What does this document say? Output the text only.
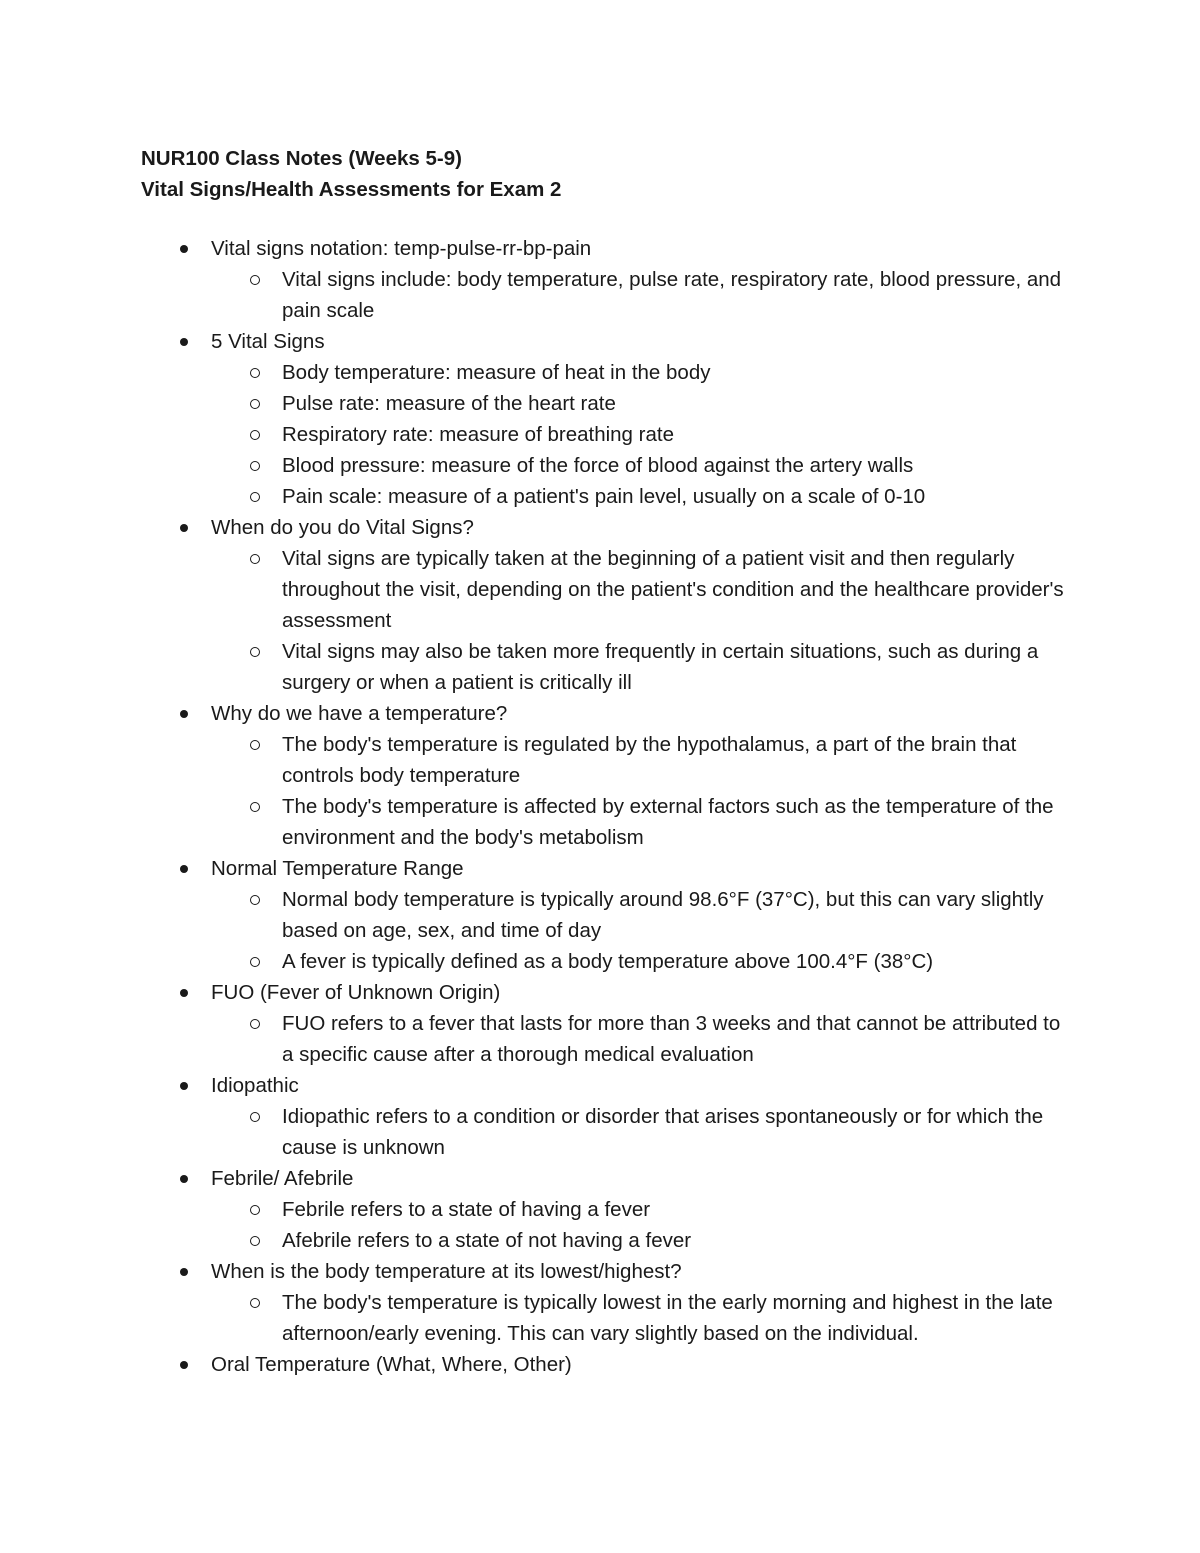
NUR100 Class Notes (Weeks 5-9)
Vital Signs/Health Assessments for Exam 2
Vital signs notation: temp-pulse-rr-bp-pain
Vital signs include: body temperature, pulse rate, respiratory rate, blood pressure, and pain scale
5 Vital Signs
Body temperature: measure of heat in the body
Pulse rate: measure of the heart rate
Respiratory rate: measure of breathing rate
Blood pressure: measure of the force of blood against the artery walls
Pain scale: measure of a patient's pain level, usually on a scale of 0-10
When do you do Vital Signs?
Vital signs are typically taken at the beginning of a patient visit and then regularly throughout the visit, depending on the patient's condition and the healthcare provider's assessment
Vital signs may also be taken more frequently in certain situations, such as during a surgery or when a patient is critically ill
Why do we have a temperature?
The body's temperature is regulated by the hypothalamus, a part of the brain that controls body temperature
The body's temperature is affected by external factors such as the temperature of the environment and the body's metabolism
Normal Temperature Range
Normal body temperature is typically around 98.6°F (37°C), but this can vary slightly based on age, sex, and time of day
A fever is typically defined as a body temperature above 100.4°F (38°C)
FUO (Fever of Unknown Origin)
FUO refers to a fever that lasts for more than 3 weeks and that cannot be attributed to a specific cause after a thorough medical evaluation
Idiopathic
Idiopathic refers to a condition or disorder that arises spontaneously or for which the cause is unknown
Febrile/ Afebrile
Febrile refers to a state of having a fever
Afebrile refers to a state of not having a fever
When is the body temperature at its lowest/highest?
The body's temperature is typically lowest in the early morning and highest in the late afternoon/early evening. This can vary slightly based on the individual.
Oral Temperature (What, Where, Other)
